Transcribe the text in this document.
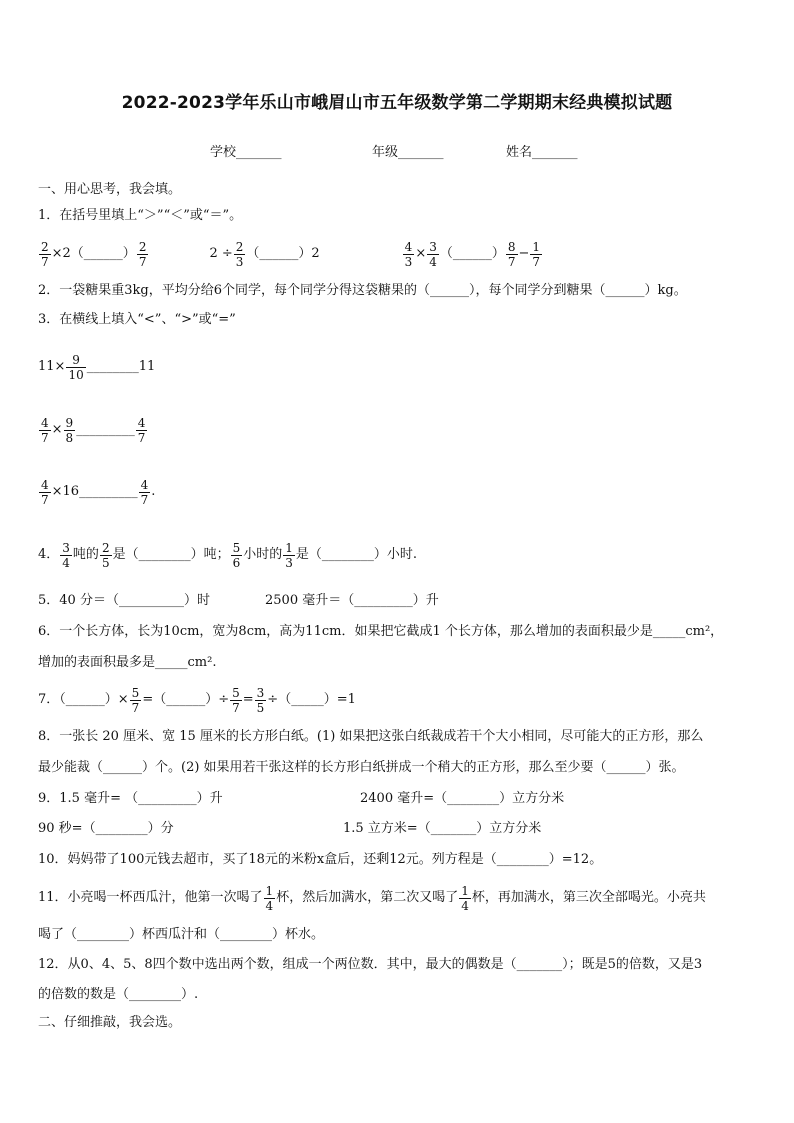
2022-2023学年乐山市峨眉山市五年级数学第二学期期末经典模拟试题
学校_______	年级_______	姓名_______
一、用心思考，我会填。
1．在括号里填上“＞”“＜”或“＝”。
$\frac{2}{7}$ ×2（______） $\frac{2}{7}$	$2 \div \frac{2}{3}$ （______）2	$\frac{4}{3} \times \frac{3}{4}$ （______） $\frac{8}{7} - \frac{1}{7}$
2．一袋糖果重3kg，平均分给6个同学，每个同学分得这袋糖果的（______），每个同学分到糖果（______）kg。
3．在横线上填入“<”、“>”或“=”
$11\times \frac{9}{10}$ ________11
$\frac{4}{7} \times \frac{9}{8}$ _________ $\frac{4}{7}$
$\frac{4}{7}$ ×16_________ $\frac{4}{7}$ .
4． $\frac{3}{4}$ 吨的 $\frac{2}{5}$ 是（________）吨； $\frac{5}{6}$ 小时的 $\frac{1}{3}$ 是（________）小时.
5．40 分＝（__________）时	2500 毫升＝（_________）升
6．一个长方体，长为10cm，宽为8cm，高为11cm．如果把它截成1 个长方体，那么增加的表面积最少是_____cm²，
增加的表面积最多是_____cm².
7．（______）× $\frac{5}{7}$ =（______）÷ $\frac{5}{7} = \frac{3}{5}$ ÷（_____）=1
8．一张长 20 厘米、宽 15 厘米的长方形白纸。(1) 如果把这张白纸裁成若干个大小相同，尽可能大的正方形，那么
最少能裁（______）个。(2) 如果用若干张这样的长方形白纸拼成一个稍大的正方形，那么至少要（______）张。
9．1.5 毫升= （_________）升	2400 毫升=（________）立方分米
90 秒=（________）分	1.5 立方米=（_______）立方分米
10．妈妈带了100元钱去超市，买了18元的米粉x盒后，还剩12元。列方程是（________）=12。
11．小亮喝一杯西瓜汁，他第一次喝了 $\frac{1}{4}$ 杯，然后加满水，第二次又喝了 $\frac{1}{4}$ 杯，再加满水，第三次全部喝光。小亮共
喝了（________）杯西瓜汁和（________）杯水。
12．从0、4、5、8四个数中选出两个数，组成一个两位数．其中，最大的偶数是（_______）；既是5的倍数，又是3
的倍数的数是（________）.
二、仔细推敲，我会选。
